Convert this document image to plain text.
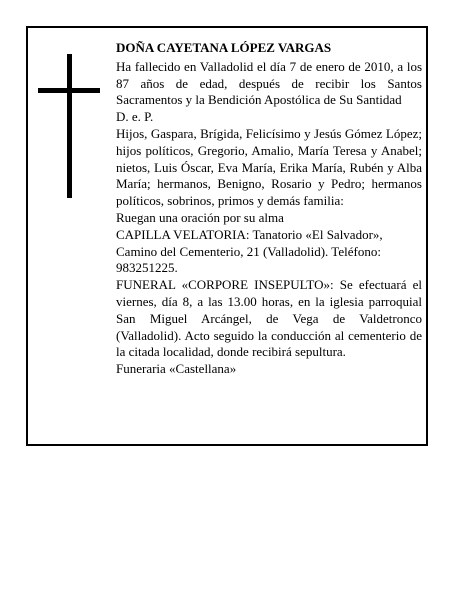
DOÑA CAYETANA LÓPEZ VARGAS

Ha fallecido en Valladolid el día 7 de enero de 2010, a los 87 años de edad, después de recibir los Santos Sacramentos y la Bendición Apostólica de Su Santidad

D. e. P.

Hijos, Gaspara, Brígida, Felicísimo y Jesús Gómez López; hijos políticos, Gregorio, Amalio, María Teresa y Anabel; nietos, Luis Óscar, Eva María, Erika María, Rubén y Alba María; hermanos, Benigno, Rosario y Pedro; hermanos políticos, sobrinos, primos y demás familia:

Ruegan una oración por su alma

CAPILLA VELATORIA: Tanatorio «El Salvador», Camino del Cementerio, 21 (Valladolid). Teléfono: 983251225.

FUNERAL «CORPORE INSEPULTO»: Se efectuará el viernes, día 8, a las 13.00 horas, en la iglesia parroquial San Miguel Arcángel, de Vega de Valdetronco (Valladolid). Acto seguido la conducción al cementerio de la citada localidad, donde recibirá sepultura.

Funeraria «Castellana»
